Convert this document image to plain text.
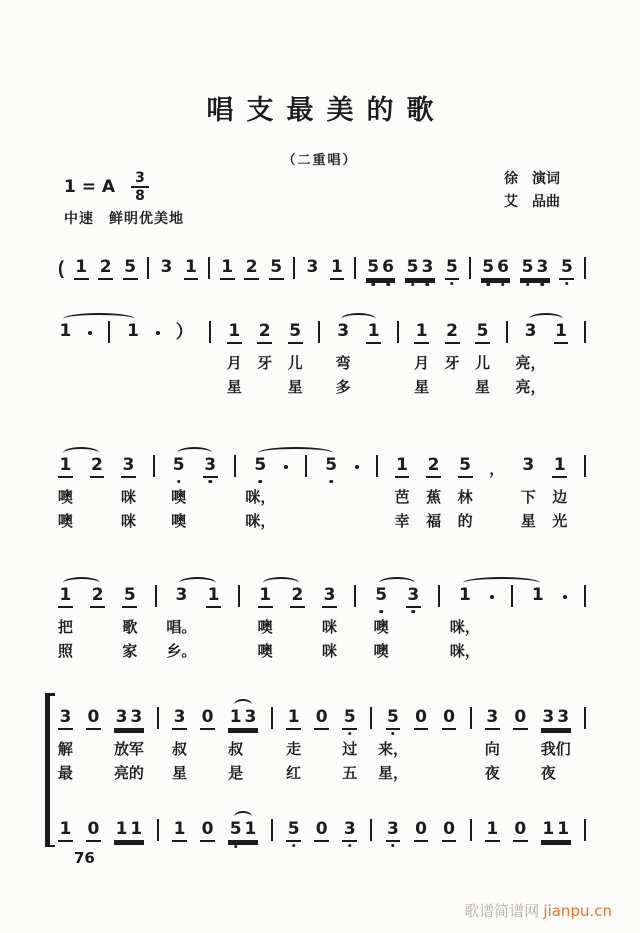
唱支最美的歌
（二重唱）
1 = A $\frac{3}{8}$
中速　鲜明优美地
徐　演词
艾　品曲
( 1 2 5 3 1 1 2 5 3 1 5 6 5 3 5 5 6 5 3 5
1	1 ） 1 2 5 3 1 1 2 5 3 1
月 牙 儿 弯	月 牙 儿 亮，
星	星 多	星	星 亮，
1 2 3 5 3 5	5	1 2 5 ， 3 1
噢	咪 噢	咪，	芭 蕉 林	下 边
噢	咪 噢	咪，	幸 福 的	星 光
1 2 5 3 1 1 2 3 5 3 1	1
把	歌 唱。	噢	咪 噢	咪，
照	家 乡。	噢	咪 噢	咪，
3 0 3 3 3 0 1 3 1 0 5 5 0 0 3 0 3 3
1 0 1 1 1 0 5 1 5 0 3 3 0 0 1 0 1 1
解	放 军 叔	叔	走	过 来，	向	我 们
最	亮 的 星	是	红	五 星，	夜	夜
76
歌谱简谱网 jianpu.cn
